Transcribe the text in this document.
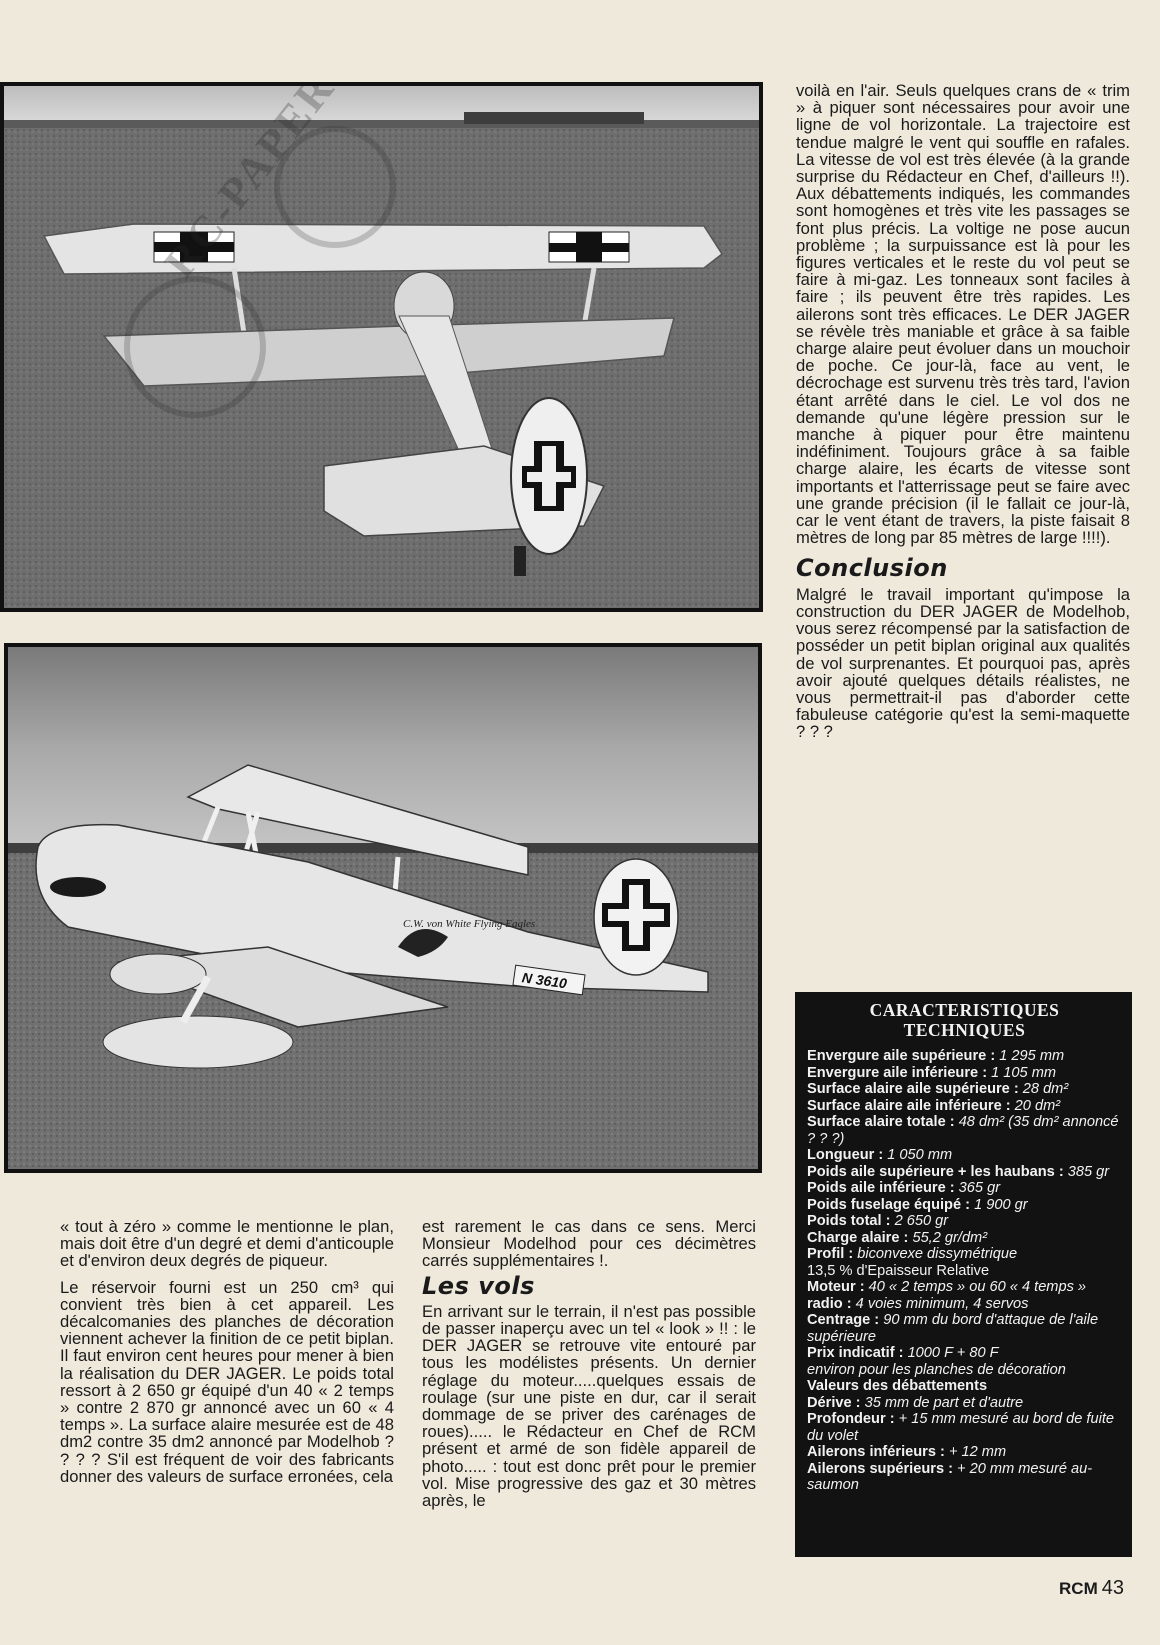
C.W. von White Flying Eagles
N 3610

« tout à zéro » comme le mentionne le plan, mais doit être d'un degré et demi d'anticouple et d'environ deux degrés de piqueur.

Le réservoir fourni est un 250 cm³ qui convient très bien à cet appareil. Les décalcomanies des planches de décoration viennent achever la finition de ce petit biplan. Il faut environ cent heures pour mener à bien la réalisation du DER JAGER. Le poids total ressort à 2 650 gr équipé d'un 40 « 2 temps » contre 2 870 gr annoncé avec un 60 « 4 temps ». La surface alaire mesurée est de 48 dm2 contre 35 dm2 annoncé par Modelhob ? ? ? ? S'il est fréquent de voir des fabricants donner des valeurs de surface erronées, cela

est rarement le cas dans ce sens. Merci Monsieur Modelhod pour ces décimètres carrés supplémentaires !.

Les vols

En arrivant sur le terrain, il n'est pas possible de passer inaperçu avec un tel « look » !! : le DER JAGER se retrouve vite entouré par tous les modélistes présents. Un dernier réglage du moteur.....quelques essais de roulage (sur une piste en dur, car il serait dommage de se priver des carénages de roues)..... le Rédacteur en Chef de RCM présent et armé de son fidèle appareil de photo..... : tout est donc prêt pour le premier vol. Mise progressive des gaz et 30 mètres après, le

voilà en l'air. Seuls quelques crans de « trim » à piquer sont nécessaires pour avoir une ligne de vol horizontale. La trajectoire est tendue malgré le vent qui souffle en rafales. La vitesse de vol est très élevée (à la grande surprise du Rédacteur en Chef, d'ailleurs !!). Aux débattements indiqués, les commandes sont homogènes et très vite les passages se font plus précis. La voltige ne pose aucun problème ; la surpuissance est là pour les figures verticales et le reste du vol peut se faire à mi-gaz. Les tonneaux sont faciles à faire ; ils peuvent être très rapides. Les ailerons sont très efficaces. Le DER JAGER se révèle très maniable et grâce à sa faible charge alaire peut évoluer dans un mouchoir de poche. Ce jour-là, face au vent, le décrochage est survenu très très tard, l'avion étant arrêté dans le ciel. Le vol dos ne demande qu'une légère pression sur le manche à piquer pour être maintenu indéfiniment. Toujours grâce à sa faible charge alaire, les écarts de vitesse sont importants et l'atterrissage peut se faire avec une grande précision (il le fallait ce jour-là, car le vent étant de travers, la piste faisait 8 mètres de long par 85 mètres de large !!!!).

Conclusion

Malgré le travail important qu'impose la construction du DER JAGER de Modelhob, vous serez récompensé par la satisfaction de posséder un petit biplan original aux qualités de vol surprenantes. Et pourquoi pas, après avoir ajouté quelques détails réalistes, ne vous permettrait-il pas d'aborder cette fabuleuse catégorie qu'est la semi-maquette ? ? ?

CARACTERISTIQUES
TECHNIQUES
Envergure aile supérieure : 1 295 mm
Envergure aile inférieure : 1 105 mm
Surface alaire aile supérieure : 28 dm²
Surface alaire aile inférieure : 20 dm²
Surface alaire totale : 48 dm² (35 dm² annoncé ? ? ?)
Longueur : 1 050 mm
Poids aile supérieure + les haubans : 385 gr
Poids aile inférieure : 365 gr
Poids fuselage équipé : 1 900 gr
Poids total : 2 650 gr
Charge alaire : 55,2 gr/dm²
Profil : biconvexe dissymétrique
13,5 % d'Epaisseur Relative
Moteur : 40 « 2 temps » ou 60 « 4 temps »
radio : 4 voies minimum, 4 servos
Centrage : 90 mm du bord d'attaque de l'aile supérieure
Prix indicatif : 1000 F + 80 F
environ pour les planches de décoration
Valeurs des débattements
Dérive : 35 mm de part et d'autre
Profondeur : + 15 mm mesuré au bord de fuite du volet
Ailerons inférieurs : + 12 mm
Ailerons supérieurs : + 20 mm mesuré au- saumon
RCM 43
